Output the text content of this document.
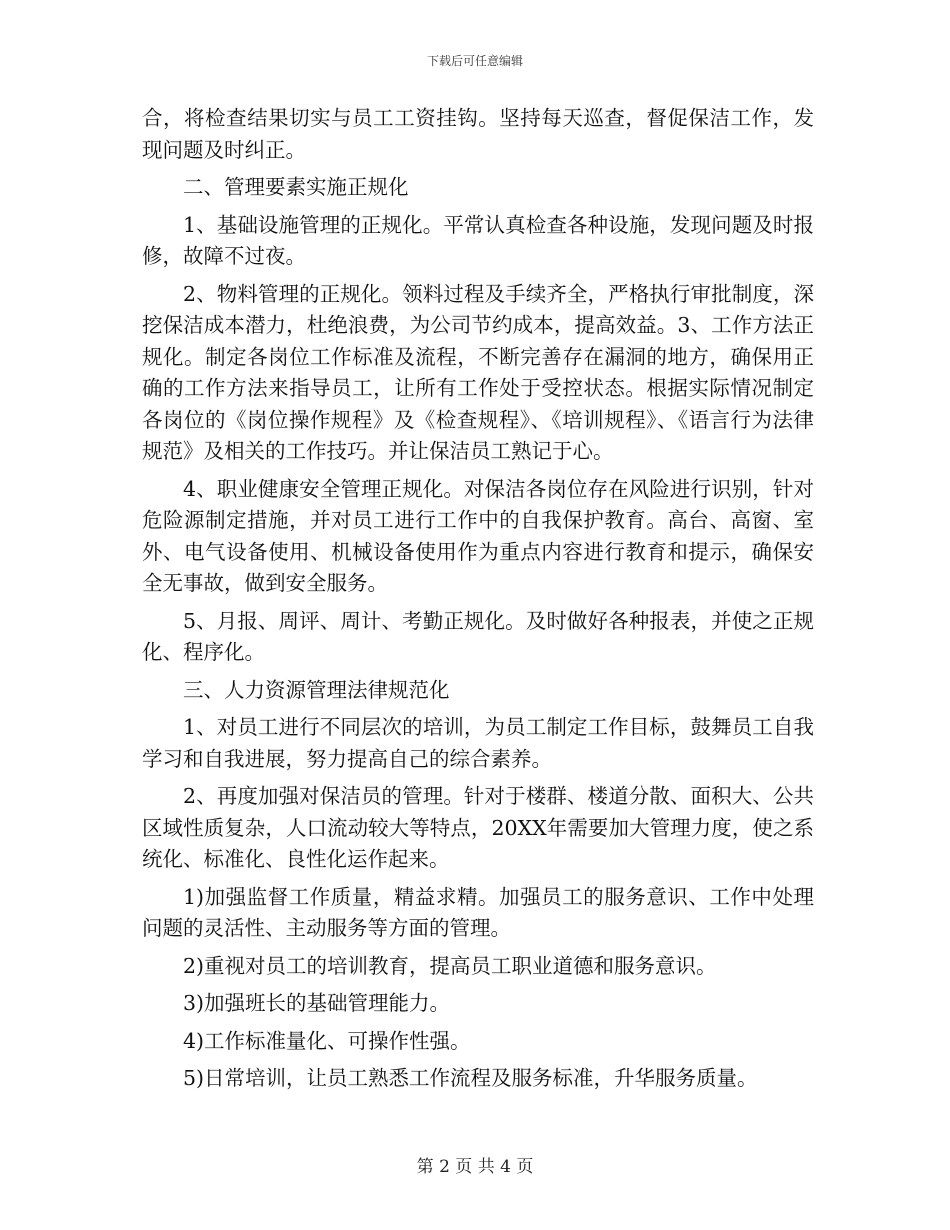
下载后可任意编辑

合，将检查结果切实与员工工资挂钩。坚持每天巡查，督促保洁工作，发现问题及时纠正。

二、管理要素实施正规化

1、基础设施管理的正规化。平常认真检查各种设施，发现问题及时报修，故障不过夜。

2、物料管理的正规化。领料过程及手续齐全，严格执行审批制度，深挖保洁成本潜力，杜绝浪费，为公司节约成本，提高效益。3、工作方法正规化。制定各岗位工作标准及流程，不断完善存在漏洞的地方，确保用正确的工作方法来指导员工，让所有工作处于受控状态。根据实际情况制定各岗位的《岗位操作规程》及《检查规程》、《培训规程》、《语言行为法律规范》及相关的工作技巧。并让保洁员工熟记于心。

4、职业健康安全管理正规化。对保洁各岗位存在风险进行识别，针对危险源制定措施，并对员工进行工作中的自我保护教育。高台、高窗、室外、电气设备使用、机械设备使用作为重点内容进行教育和提示，确保安全无事故，做到安全服务。

5、月报、周评、周计、考勤正规化。及时做好各种报表，并使之正规化、程序化。

三、人力资源管理法律规范化

1、对员工进行不同层次的培训，为员工制定工作目标，鼓舞员工自我学习和自我进展，努力提高自己的综合素养。

2、再度加强对保洁员的管理。针对于楼群、楼道分散、面积大、公共区域性质复杂，人口流动较大等特点，20XX年需要加大管理力度，使之系统化、标准化、良性化运作起来。

1)加强监督工作质量，精益求精。加强员工的服务意识、工作中处理问题的灵活性、主动服务等方面的管理。

2)重视对员工的培训教育，提高员工职业道德和服务意识。

3)加强班长的基础管理能力。

4)工作标准量化、可操作性强。

5)日常培训，让员工熟悉工作流程及服务标准，升华服务质量。

第 2 页 共 4 页
